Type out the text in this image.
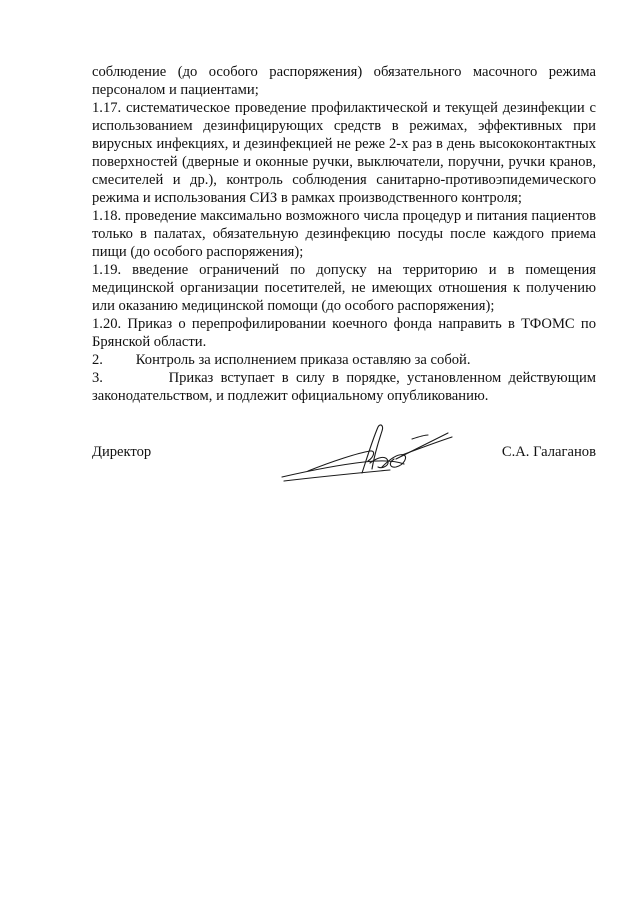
соблюдение (до особого распоряжения) обязательного масочного режима персоналом и пациентами;

1.17. систематическое проведение профилактической и текущей дезинфекции с использованием дезинфицирующих средств в режимах, эффективных при вирусных инфекциях, и дезинфекцией не реже 2-х раз в день высококонтактных поверхностей (дверные и оконные ручки, выключатели, поручни, ручки кранов, смесителей и др.), контроль соблюдения санитарно-противоэпидемического режима и использования СИЗ в рамках производственного контроля;

1.18. проведение максимально возможного числа процедур и питания пациентов только в палатах, обязательную дезинфекцию посуды после каждого приема пищи (до особого распоряжения);

1.19. введение ограничений по допуску на территорию и в помещения медицинской организации посетителей, не имеющих отношения к получению или оказанию медицинской помощи (до особого распоряжения);

1.20. Приказ о перепрофилировании коечного фонда направить в ТФОМС по Брянской области.

2.         Контроль за исполнением приказа оставляю за собой.

3.         Приказ вступает в силу в порядке, установленном действующим законодательством, и подлежит официальному опубликованию.

Директор	С.А. Галаганов
